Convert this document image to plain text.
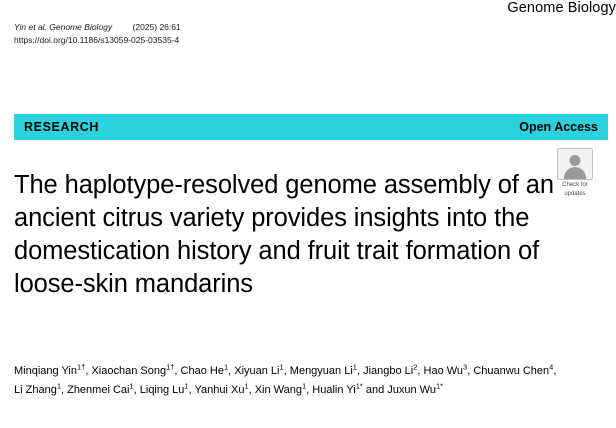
Yin et al. Genome Biology (2025) 26:61
https://doi.org/10.1186/s13059-025-03535-4
Genome Biology
RESEARCH	Open Access
Check for
updates
The haplotype-resolved genome assembly of an ancient citrus variety provides insights into the domestication history and fruit trait formation of loose-skin mandarins
Minqiang Yin$^{1\dagger}$, Xiaochan Song$^{1\dagger}$, Chao He$^1$, Xiyuan Li$^1$, Mengyuan Li$^1$, Jiangbo Li$^2$, Hao Wu$^3$, Chuanwu Chen$^4$,
Li Zhang$^1$, Zhenmei Cai$^1$, Liqing Lu$^1$, Yanhui Xu$^1$, Xin Wang$^1$, Hualin $Yi^{1*}$ and Juxun $Wu^{1*}$
